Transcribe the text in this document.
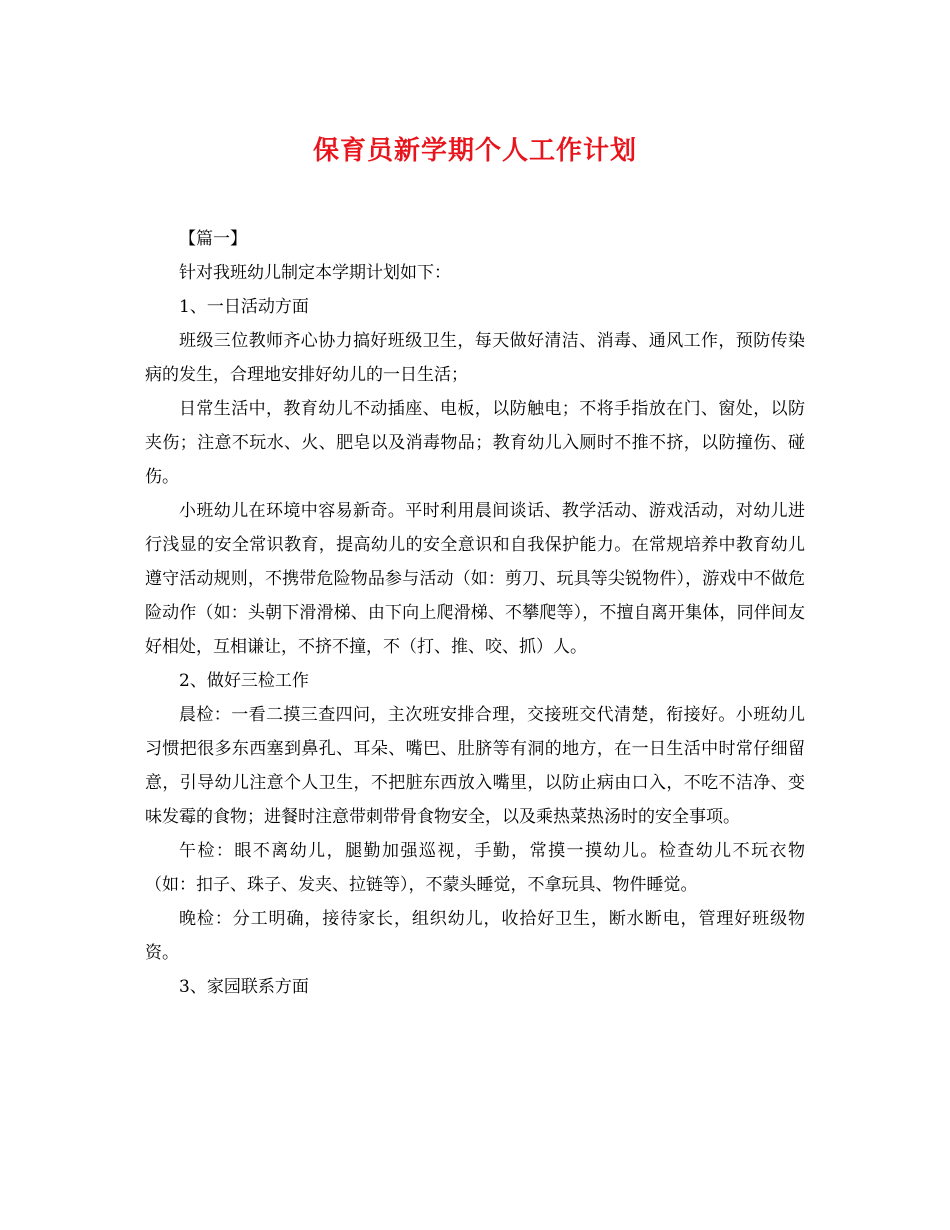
保育员新学期个人工作计划

【篇一】

针对我班幼儿制定本学期计划如下：

1、一日活动方面

班级三位教师齐心协力搞好班级卫生，每天做好清洁、消毒、通风工作，预防传染病的发生，合理地安排好幼儿的一日生活；

日常生活中，教育幼儿不动插座、电板，以防触电；不将手指放在门、窗处，以防夹伤；注意不玩水、火、肥皂以及消毒物品；教育幼儿入厕时不推不挤，以防撞伤、碰伤。

小班幼儿在环境中容易新奇。平时利用晨间谈话、教学活动、游戏活动，对幼儿进行浅显的安全常识教育，提高幼儿的安全意识和自我保护能力。在常规培养中教育幼儿遵守活动规则，不携带危险物品参与活动（如：剪刀、玩具等尖锐物件），游戏中不做危险动作（如：头朝下滑滑梯、由下向上爬滑梯、不攀爬等），不擅自离开集体，同伴间友好相处，互相谦让，不挤不撞，不（打、推、咬、抓）人。

2、做好三检工作

晨检：一看二摸三查四问，主次班安排合理，交接班交代清楚，衔接好。小班幼儿习惯把很多东西塞到鼻孔、耳朵、嘴巴、肚脐等有洞的地方，在一日生活中时常仔细留意，引导幼儿注意个人卫生，不把脏东西放入嘴里，以防止病由口入，不吃不洁净、变味发霉的食物；进餐时注意带刺带骨食物安全，以及乘热菜热汤时的安全事项。

午检：眼不离幼儿，腿勤加强巡视，手勤，常摸一摸幼儿。检查幼儿不玩衣物（如：扣子、珠子、发夹、拉链等），不蒙头睡觉，不拿玩具、物件睡觉。

晚检：分工明确，接待家长，组织幼儿，收拾好卫生，断水断电，管理好班级物资。

3、家园联系方面
